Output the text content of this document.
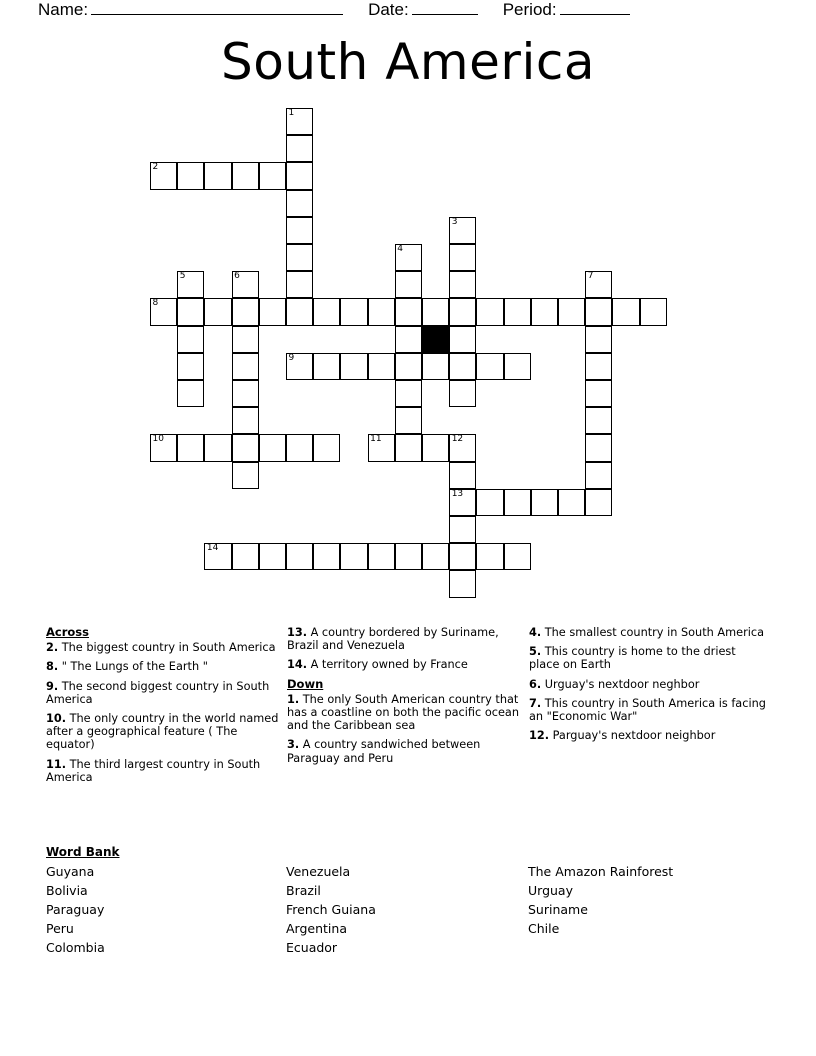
Name:	Date:	Period:
South America
1
2
3
4
5	6	7
8
9
10	11	12
13
14
Across
2. The biggest country in South America
8. " The Lungs of the Earth "
9. The second biggest country in South America
10. The only country in the world named after a geographical feature ( The equator)
11. The third largest country in South America
13. A country bordered by Suriname, Brazil and Venezuela
14. A territory owned by France
Down
1. The only South American country that has a coastline on both the pacific ocean and the Caribbean sea
3. A country sandwiched between Paraguay and Peru
4. The smallest country in South America
5. This country is home to the driest place on Earth
6. Urguay's nextdoor neghbor
7. This country in South America is facing an "Economic War"
12. Parguay's nextdoor neighbor
Word Bank
Guyana
Bolivia
Paraguay
Peru
Colombia
Venezuela
Brazil
French Guiana
Argentina
Ecuador
The Amazon Rainforest
Urguay
Suriname
Chile
